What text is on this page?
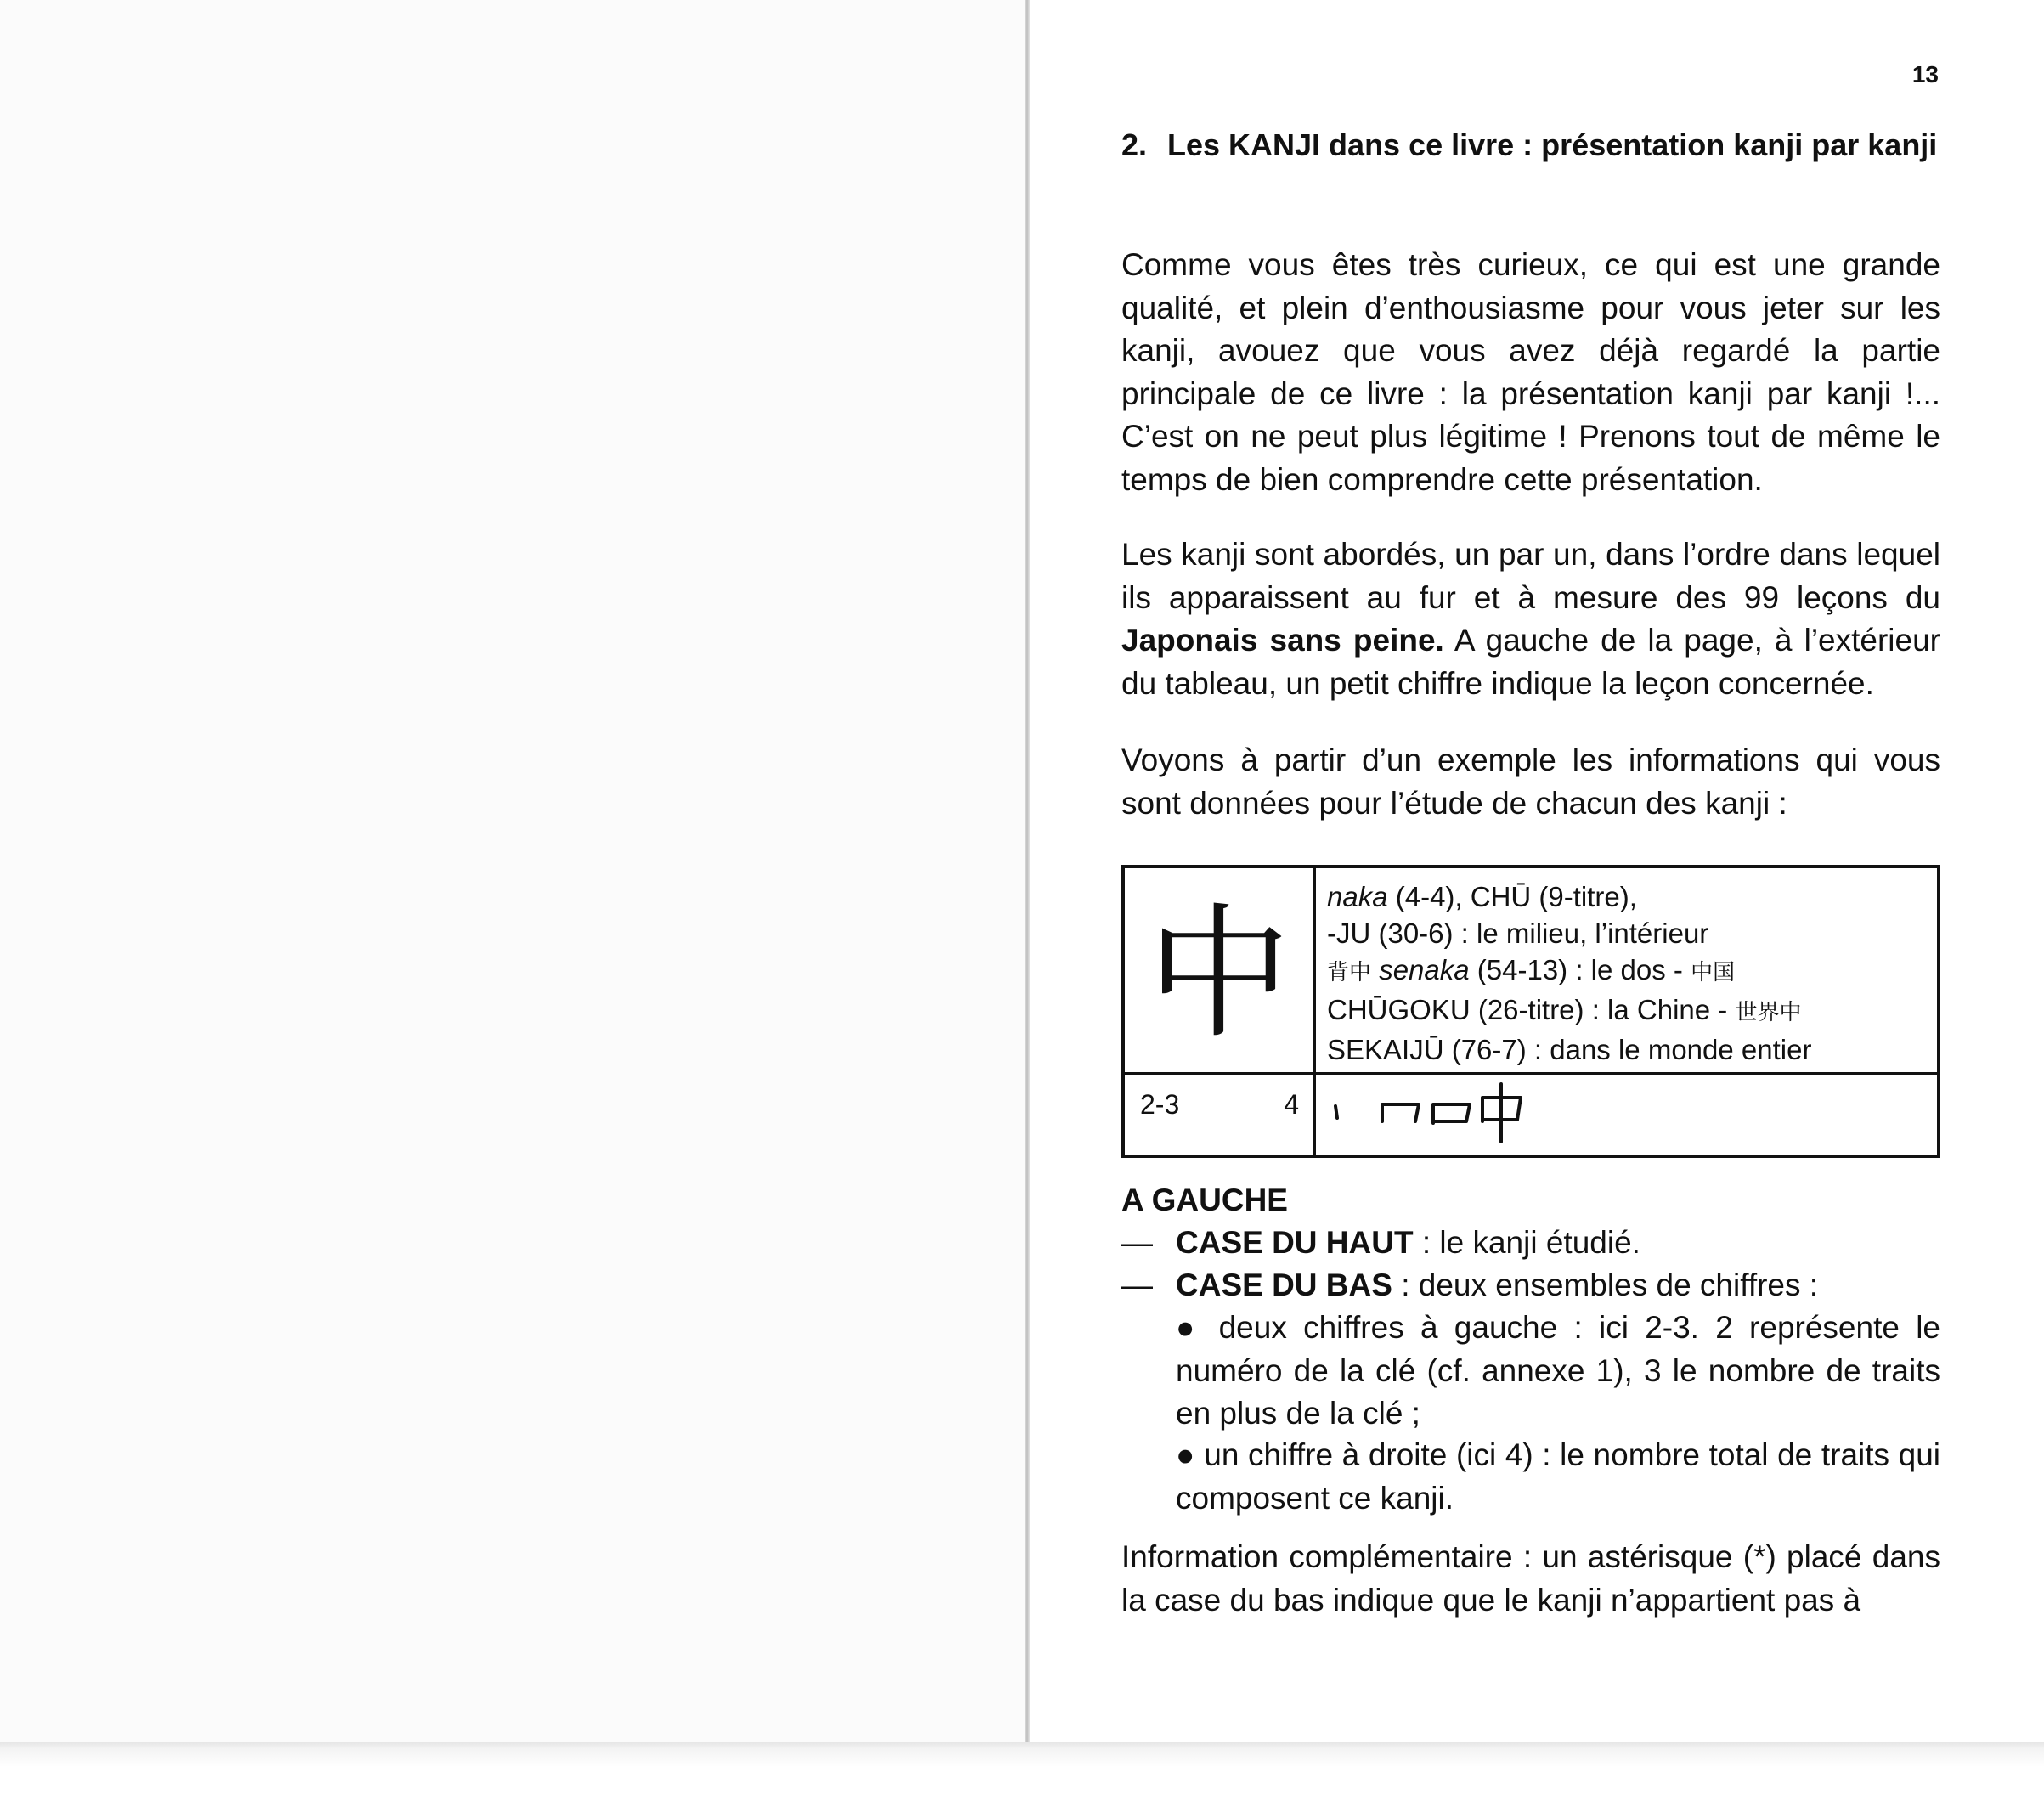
13
2. Les KANJI dans ce livre : présentation kanji par kanji
Comme vous êtes très curieux, ce qui est une grande qualité, et plein d’enthousiasme pour vous jeter sur les kanji, avouez que vous avez déjà regardé la partie principale de ce livre : la présentation kanji par kanji !... C’est on ne peut plus légitime ! Prenons tout de même le temps de bien comprendre cette présentation.
Les kanji sont abordés, un par un, dans l’ordre dans lequel ils apparaissent au fur et à mesure des 99 leçons du Japonais sans peine. A gauche de la page, à l’extérieur du tableau, un petit chiffre indique la leçon concernée.
Voyons à partir d’un exemple les informations qui vous sont données pour l’étude de chacun des kanji :
中	naka (4-4), CHŪ (9-titre),
-JU (30-6) : le milieu, l’intérieur
背中 senaka (54-13) : le dos - 中国
CHŪGOKU (26-titre) : la Chine - 世界中
SEKAIJŪ (76-7) : dans le monde entier
2-3	4
A GAUCHE
— CASE DU HAUT : le kanji étudié.
— CASE DU BAS : deux ensembles de chiffres :
● deux chiffres à gauche : ici 2-3. 2 représente le numéro de la clé (cf. annexe 1), 3 le nombre de traits en plus de la clé ;
● un chiffre à droite (ici 4) : le nombre total de traits qui composent ce kanji.
Information complémentaire : un astérisque (*) placé dans la case du bas indique que le kanji n’appartient pas à
